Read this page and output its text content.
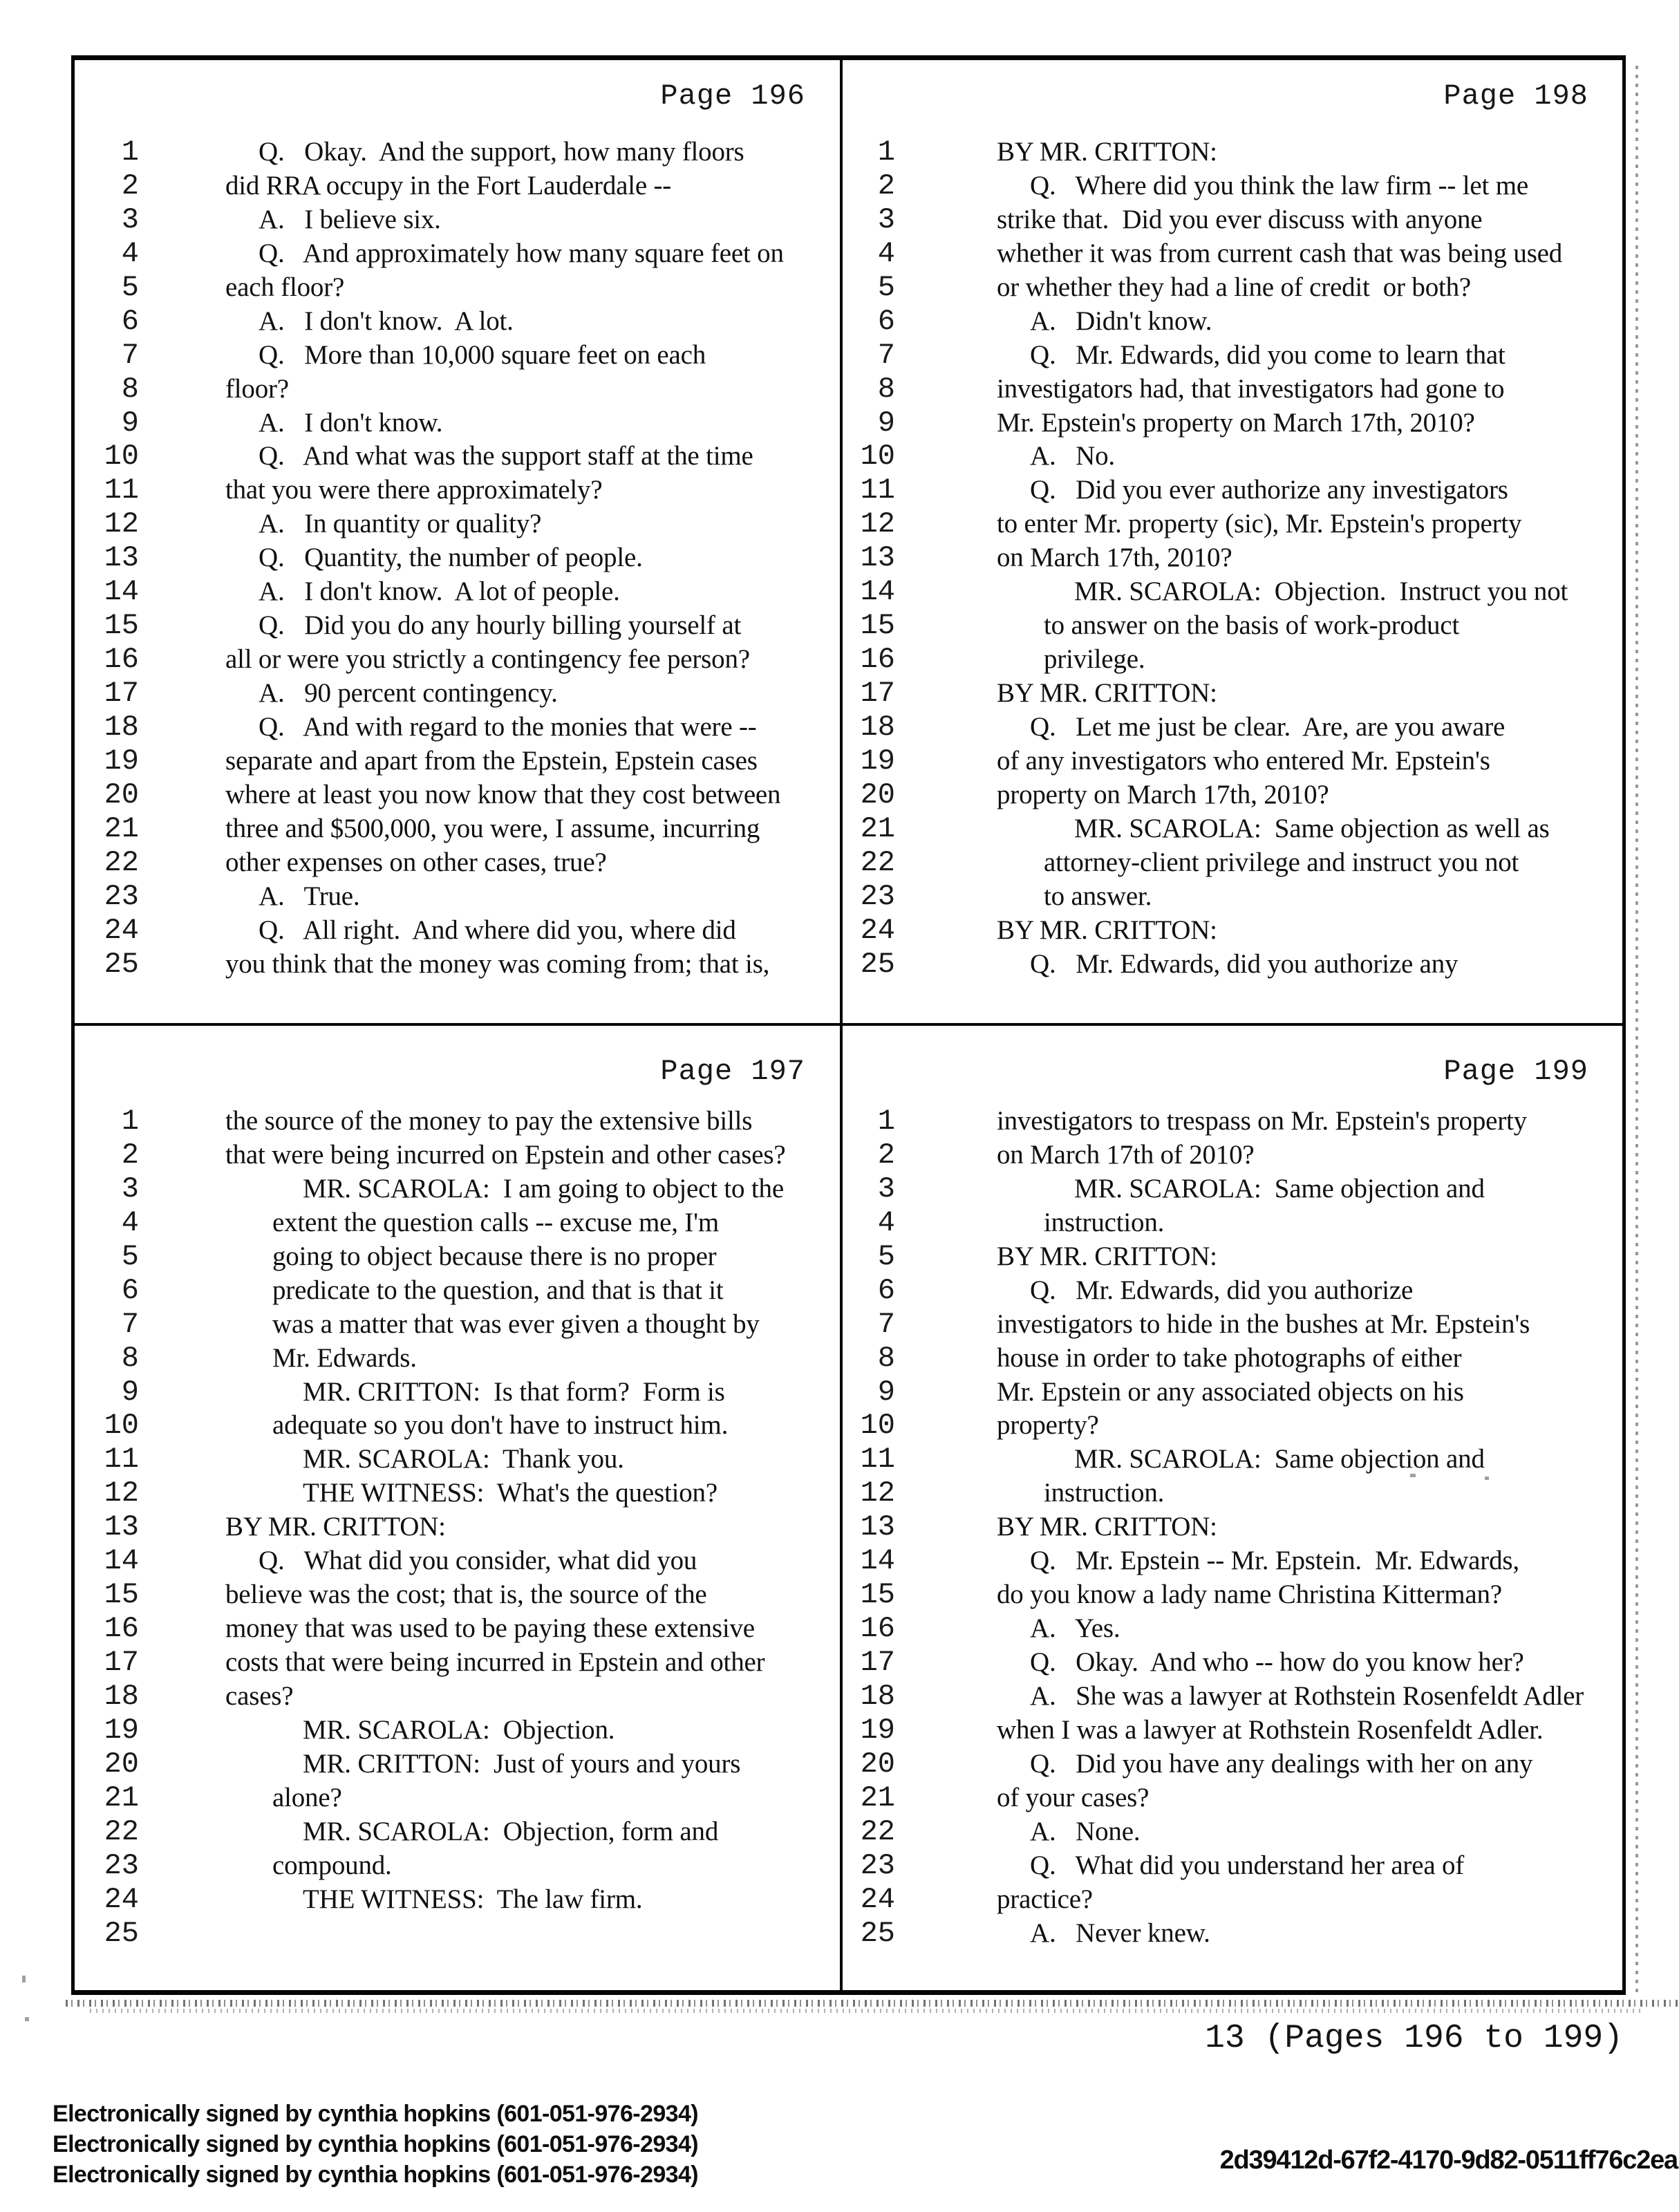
Page 196
1	Q.   Okay.  And the support, how many floors
2	did RRA occupy in the Fort Lauderdale --
3	A.   I believe six.
4	Q.   And approximately how many square feet on
5	each floor?
6	A.   I don't know.  A lot.
7	Q.   More than 10,000 square feet on each
8	floor?
9	A.   I don't know.
10	Q.   And what was the support staff at the time
11	that you were there approximately?
12	A.   In quantity or quality?
13	Q.   Quantity, the number of people.
14	A.   I don't know.  A lot of people.
15	Q.   Did you do any hourly billing yourself at
16	all or were you strictly a contingency fee person?
17	A.   90 percent contingency.
18	Q.   And with regard to the monies that were --
19	separate and apart from the Epstein, Epstein cases
20	where at least you now know that they cost between
21	three and $500,000, you were, I assume, incurring
22	other expenses on other cases, true?
23	A.   True.
24	Q.   All right.  And where did you, where did
25	you think that the money was coming from; that is,
Page 198
1	BY MR. CRITTON:
2	Q.   Where did you think the law firm -- let me
3	strike that.  Did you ever discuss with anyone
4	whether it was from current cash that was being used
5	or whether they had a line of credit  or both?
6	A.   Didn't know.
7	Q.   Mr. Edwards, did you come to learn that
8	investigators had, that investigators had gone to
9	Mr. Epstein's property on March 17th, 2010?
10	A.   No.
11	Q.   Did you ever authorize any investigators
12	to enter Mr. property (sic), Mr. Epstein's property
13	on March 17th, 2010?
14	MR. SCAROLA:  Objection.  Instruct you not
15	to answer on the basis of work-product
16	privilege.
17	BY MR. CRITTON:
18	Q.   Let me just be clear.  Are, are you aware
19	of any investigators who entered Mr. Epstein's
20	property on March 17th, 2010?
21	MR. SCAROLA:  Same objection as well as
22	attorney-client privilege and instruct you not
23	to answer.
24	BY MR. CRITTON:
25	Q.   Mr. Edwards, did you authorize any
Page 197
1	the source of the money to pay the extensive bills
2	that were being incurred on Epstein and other cases?
3	MR. SCAROLA:  I am going to object to the
4	extent the question calls -- excuse me, I'm
5	going to object because there is no proper
6	predicate to the question, and that is that it
7	was a matter that was ever given a thought by
8	Mr. Edwards.
9	MR. CRITTON:  Is that form?  Form is
10	adequate so you don't have to instruct him.
11	MR. SCAROLA:  Thank you.
12	THE WITNESS:  What's the question?
13	BY MR. CRITTON:
14	Q.   What did you consider, what did you
15	believe was the cost; that is, the source of the
16	money that was used to be paying these extensive
17	costs that were being incurred in Epstein and other
18	cases?
19	MR. SCAROLA:  Objection.
20	MR. CRITTON:  Just of yours and yours
21	alone?
22	MR. SCAROLA:  Objection, form and
23	compound.
24	THE WITNESS:  The law firm.
25
Page 199
1	investigators to trespass on Mr. Epstein's property
2	on March 17th of 2010?
3	MR. SCAROLA:  Same objection and
4	instruction.
5	BY MR. CRITTON:
6	Q.   Mr. Edwards, did you authorize
7	investigators to hide in the bushes at Mr. Epstein's
8	house in order to take photographs of either
9	Mr. Epstein or any associated objects on his
10	property?
11	MR. SCAROLA:  Same objection and
12	instruction.
13	BY MR. CRITTON:
14	Q.   Mr. Epstein -- Mr. Epstein.  Mr. Edwards,
15	do you know a lady name Christina Kitterman?
16	A.   Yes.
17	Q.   Okay.  And who -- how do you know her?
18	A.   She was a lawyer at Rothstein Rosenfeldt Adler
19	when I was a lawyer at Rothstein Rosenfeldt Adler.
20	Q.   Did you have any dealings with her on any
21	of your cases?
22	A.   None.
23	Q.   What did you understand her area of
24	practice?
25	A.   Never knew.
13 (Pages 196 to 199)
Electronically signed by cynthia hopkins (601-051-976-2934)
Electronically signed by cynthia hopkins (601-051-976-2934)
Electronically signed by cynthia hopkins (601-051-976-2934)	2d39412d-67f2-4170-9d82-0511ff76c2ea
